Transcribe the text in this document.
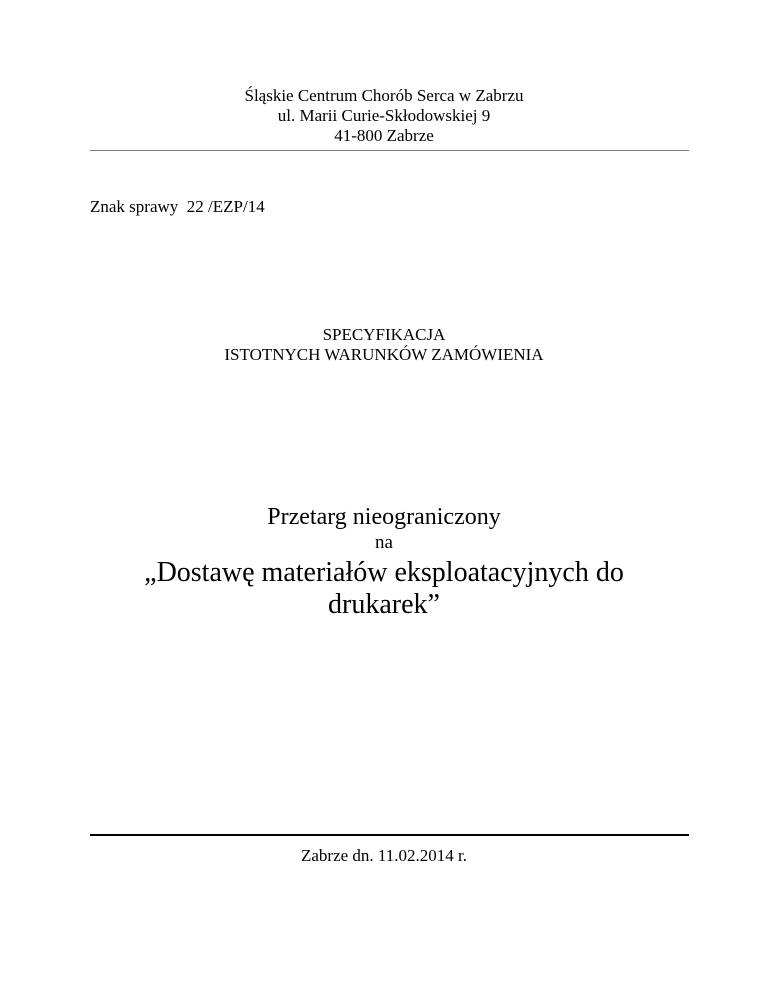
Śląskie Centrum Chorób Serca w Zabrzu
ul. Marii Curie-Skłodowskiej 9
41-800 Zabrze
Znak sprawy  22 /EZP/14
SPECYFIKACJA
ISTOTNYCH WARUNKÓW ZAMÓWIENIA
Przetarg nieograniczony
na
„Dostawę materiałów eksploatacyjnych do drukarek”
Zabrze dn. 11.02.2014 r.
